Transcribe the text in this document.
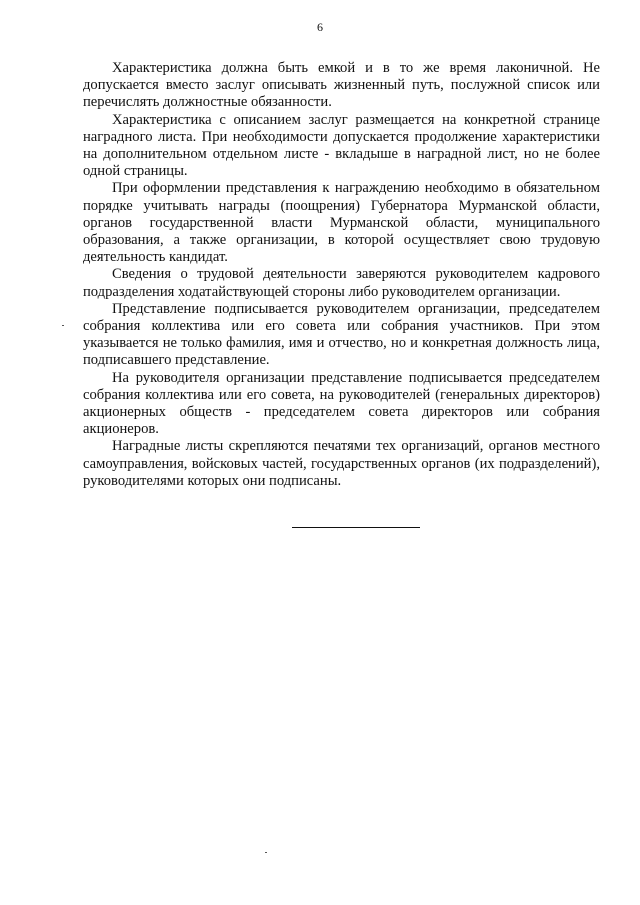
6

Характеристика должна быть емкой и в то же время лаконичной. Не допускается вместо заслуг описывать жизненный путь, послужной список или перечислять должностные обязанности.

Характеристика с описанием заслуг размещается на конкретной странице наградного листа. При необходимости допускается продолжение характеристики на дополнительном отдельном листе - вкладыше в наградной лист, но не более одной страницы.

При оформлении представления к награждению необходимо в обязательном порядке учитывать награды (поощрения) Губернатора Мурманской области, органов государственной власти Мурманской области, муниципального образования, а также организации, в которой осуществляет свою трудовую деятельность кандидат.

Сведения о трудовой деятельности заверяются руководителем кадрового подразделения ходатайствующей стороны либо руководителем организации.

Представление подписывается руководителем организации, председателем собрания коллектива или его совета или собрания участников. При этом указывается не только фамилия, имя и отчество, но и конкретная должность лица, подписавшего представление.

На руководителя организации представление подписывается председателем собрания коллектива или его совета, на руководителей (генеральных директоров) акционерных обществ - председателем совета директоров или собрания акционеров.

Наградные листы скрепляются печатями тех организаций, органов местного самоуправления, войсковых частей, государственных органов (их подразделений), руководителями которых они подписаны.
